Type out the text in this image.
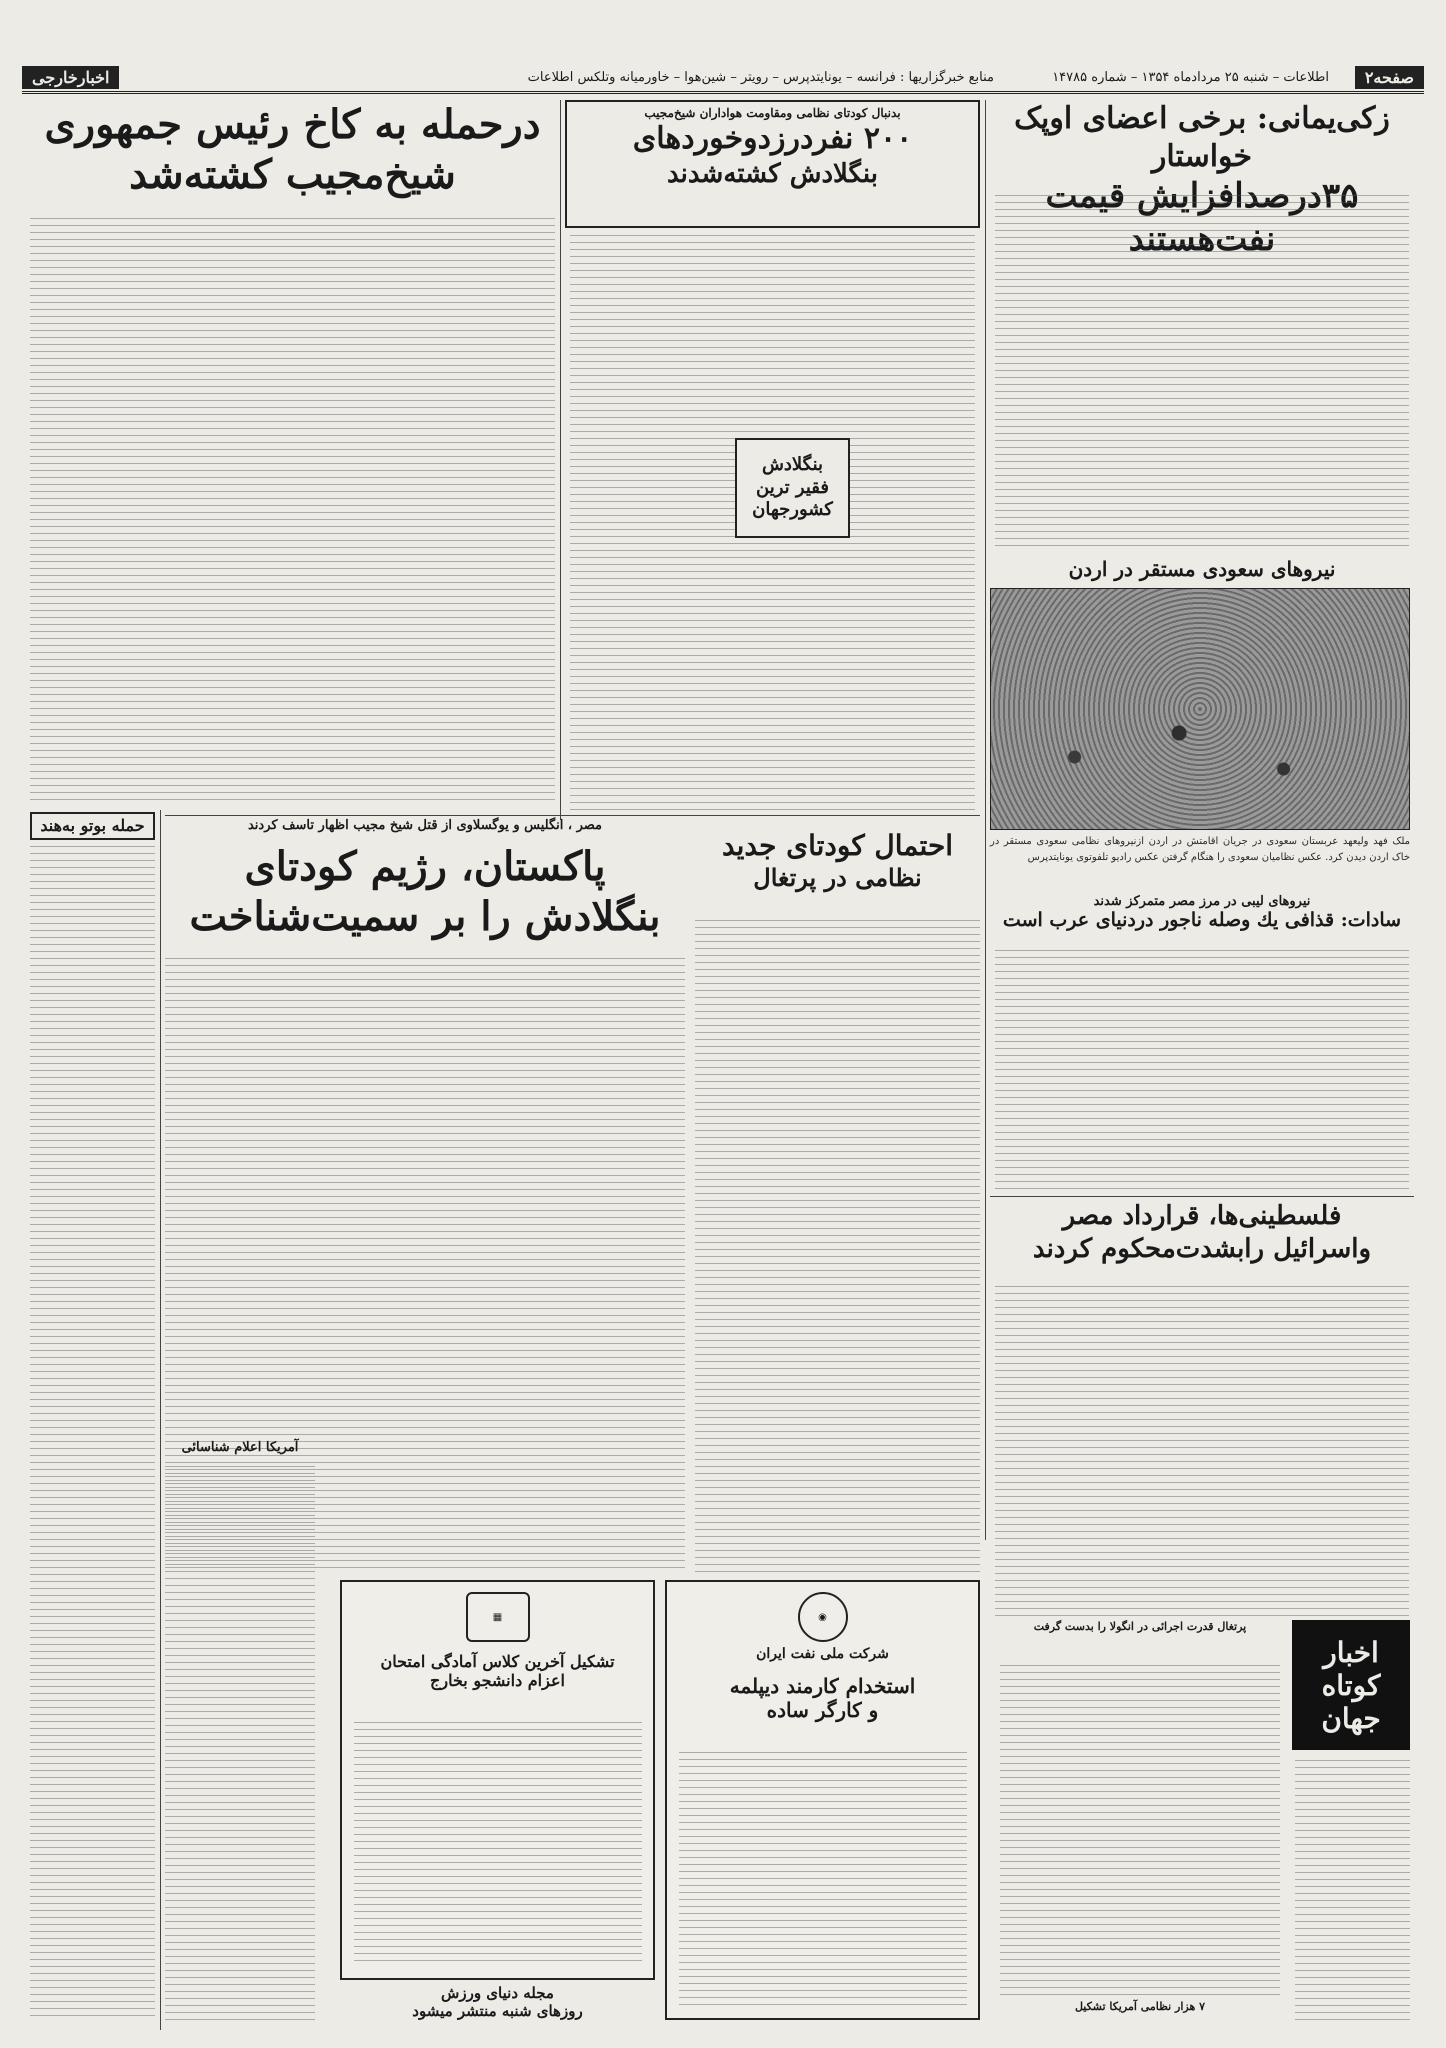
صفحه۲
اطلاعات – شنبه ۲۵ مردادماه ۱۳۵۴ – شماره ۱۴۷۸۵
منابع خبرگزاریها : فرانسه – یونایتدپرس – رویتر – شین‌هوا – خاورمیانه وتلکس اطلاعات
اخبارخارجی
زکی‌یمانی: برخی اعضای اوپک خواستار
۳۵درصدافزایش قیمت نفت‌هستند
نیروهای سعودی مستقر در اردن
ملک فهد ولیعهد عربستان سعودی در جریان اقامتش در اردن ازنیروهای نظامی سعودی مستقر در خاک اردن دیدن کرد. عکس نظامیان سعودی را هنگام گرفتن عکس رادیو تلفوتوی یونایتدپرس
نیروهای لیبی در مرز مصر متمرکز شدند
سادات: قذافی یك وصله ناجور دردنیای عرب است
فلسطینی‌ها، قرارداد مصر
واسرائیل رابشدت‌محکوم کردند
اخبار
کوتاه
جهان
پرتغال قدرت اجرائی در انگولا را بدست گرفت
۷ هزار نظامی آمریکا تشکیل
بدنبال کودتای نظامی ومقاومت هواداران شیخ‌مجیب
۲۰۰ نفردرزدوخوردهای
بنگلادش کشته‌شدند
بنگلادش
فقیر ترین
کشورجهان
درحمله به کاخ رئیس جمهوری
شیخ‌مجیب کشته‌شد
مصر ، انگلیس و یوگسلاوی از قتل شیخ مجیب اظهار تاسف کردند
پاکستان، رژیم کودتای
بنگلادش را بر سمیت‌شناخت
احتمال کودتای جدید
نظامی در پرتغال
حمله بوتو به‌هند
آمریکا اعلام شناسائی
◉
شرکت ملی نفت ایران
استخدام کارمند دیپلمه
و کارگر ساده
▦
تشکیل آخرین کلاس آمادگی امتحان
اعزام دانشجو بخارج
مجله دنیای ورزش
روزهای شنبه منتشر میشود
